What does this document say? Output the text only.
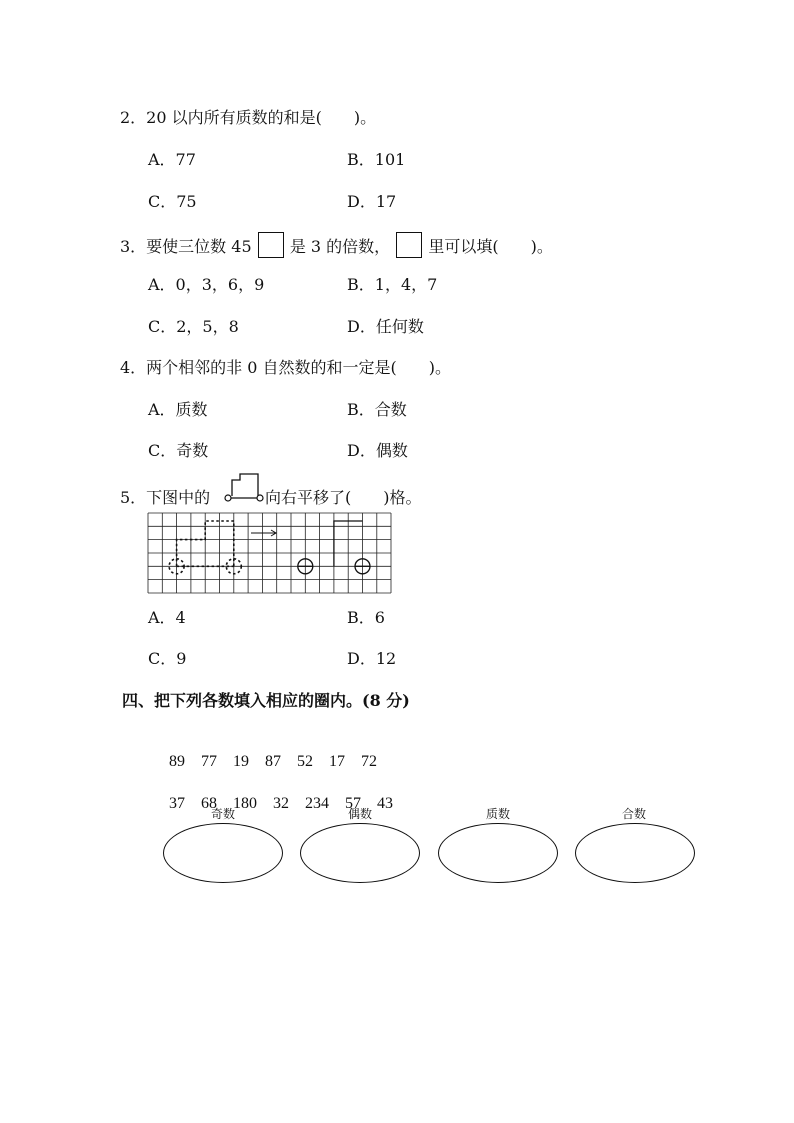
2．20 以内所有质数的和是(　　)。
A．77	B．101
C．75	D．17
3．要使三位数 45 是 3 的倍数， 里可以填(　　)。
A．0，3，6，9	B．1，4，7
C．2，5，8	D．任何数
4．两个相邻的非 0 自然数的和一定是(　　)。
A．质数	B．合数
C．奇数	D．偶数
5．下图中的	向右平移了(　　)格。
A．4	B．6
C．9	D．12
四、把下列各数填入相应的圈内。(8 分)

89 77 19 87 52 17 72

37 68 180 32 234 57 43

奇数	偶数	质数	合数
